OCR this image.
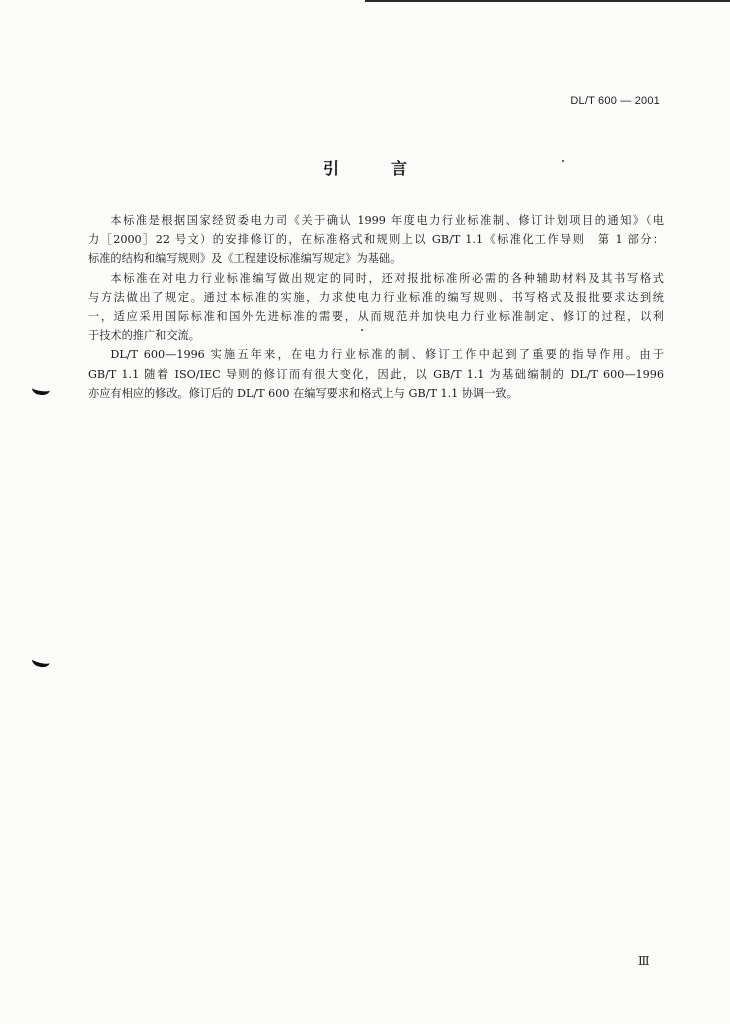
DL/T 600 — 2001
引言

本标准是根据国家经贸委电力司《关于确认 1999 年度电力行业标准制、修订计划项目的通知》（电
力［2000］22 号文）的安排修订的，在标准格式和规则上以 GB/T 1.1《标准化工作导则　第 1 部分：
标准的结构和编写规则》及《工程建设标准编写规定》为基础。

本标准在对电力行业标准编写做出规定的同时，还对报批标准所必需的各种辅助材料及其书写格式
与方法做出了规定。通过本标准的实施，力求使电力行业标准的编写规则、书写格式及报批要求达到统
一，适应采用国际标准和国外先进标准的需要，从而规范并加快电力行业标准制定、修订的过程，以利
于技术的推广和交流。

DL/T 600—1996 实施五年来，在电力行业标准的制、修订工作中起到了重要的指导作用。由于
GB/T 1.1 随着 ISO/IEC 导则的修订而有很大变化，因此，以 GB/T 1.1 为基础编制的 DL/T 600—1996
亦应有相应的修改。修订后的 DL/T 600 在编写要求和格式上与 GB/T 1.1 协调一致。

Ⅲ
